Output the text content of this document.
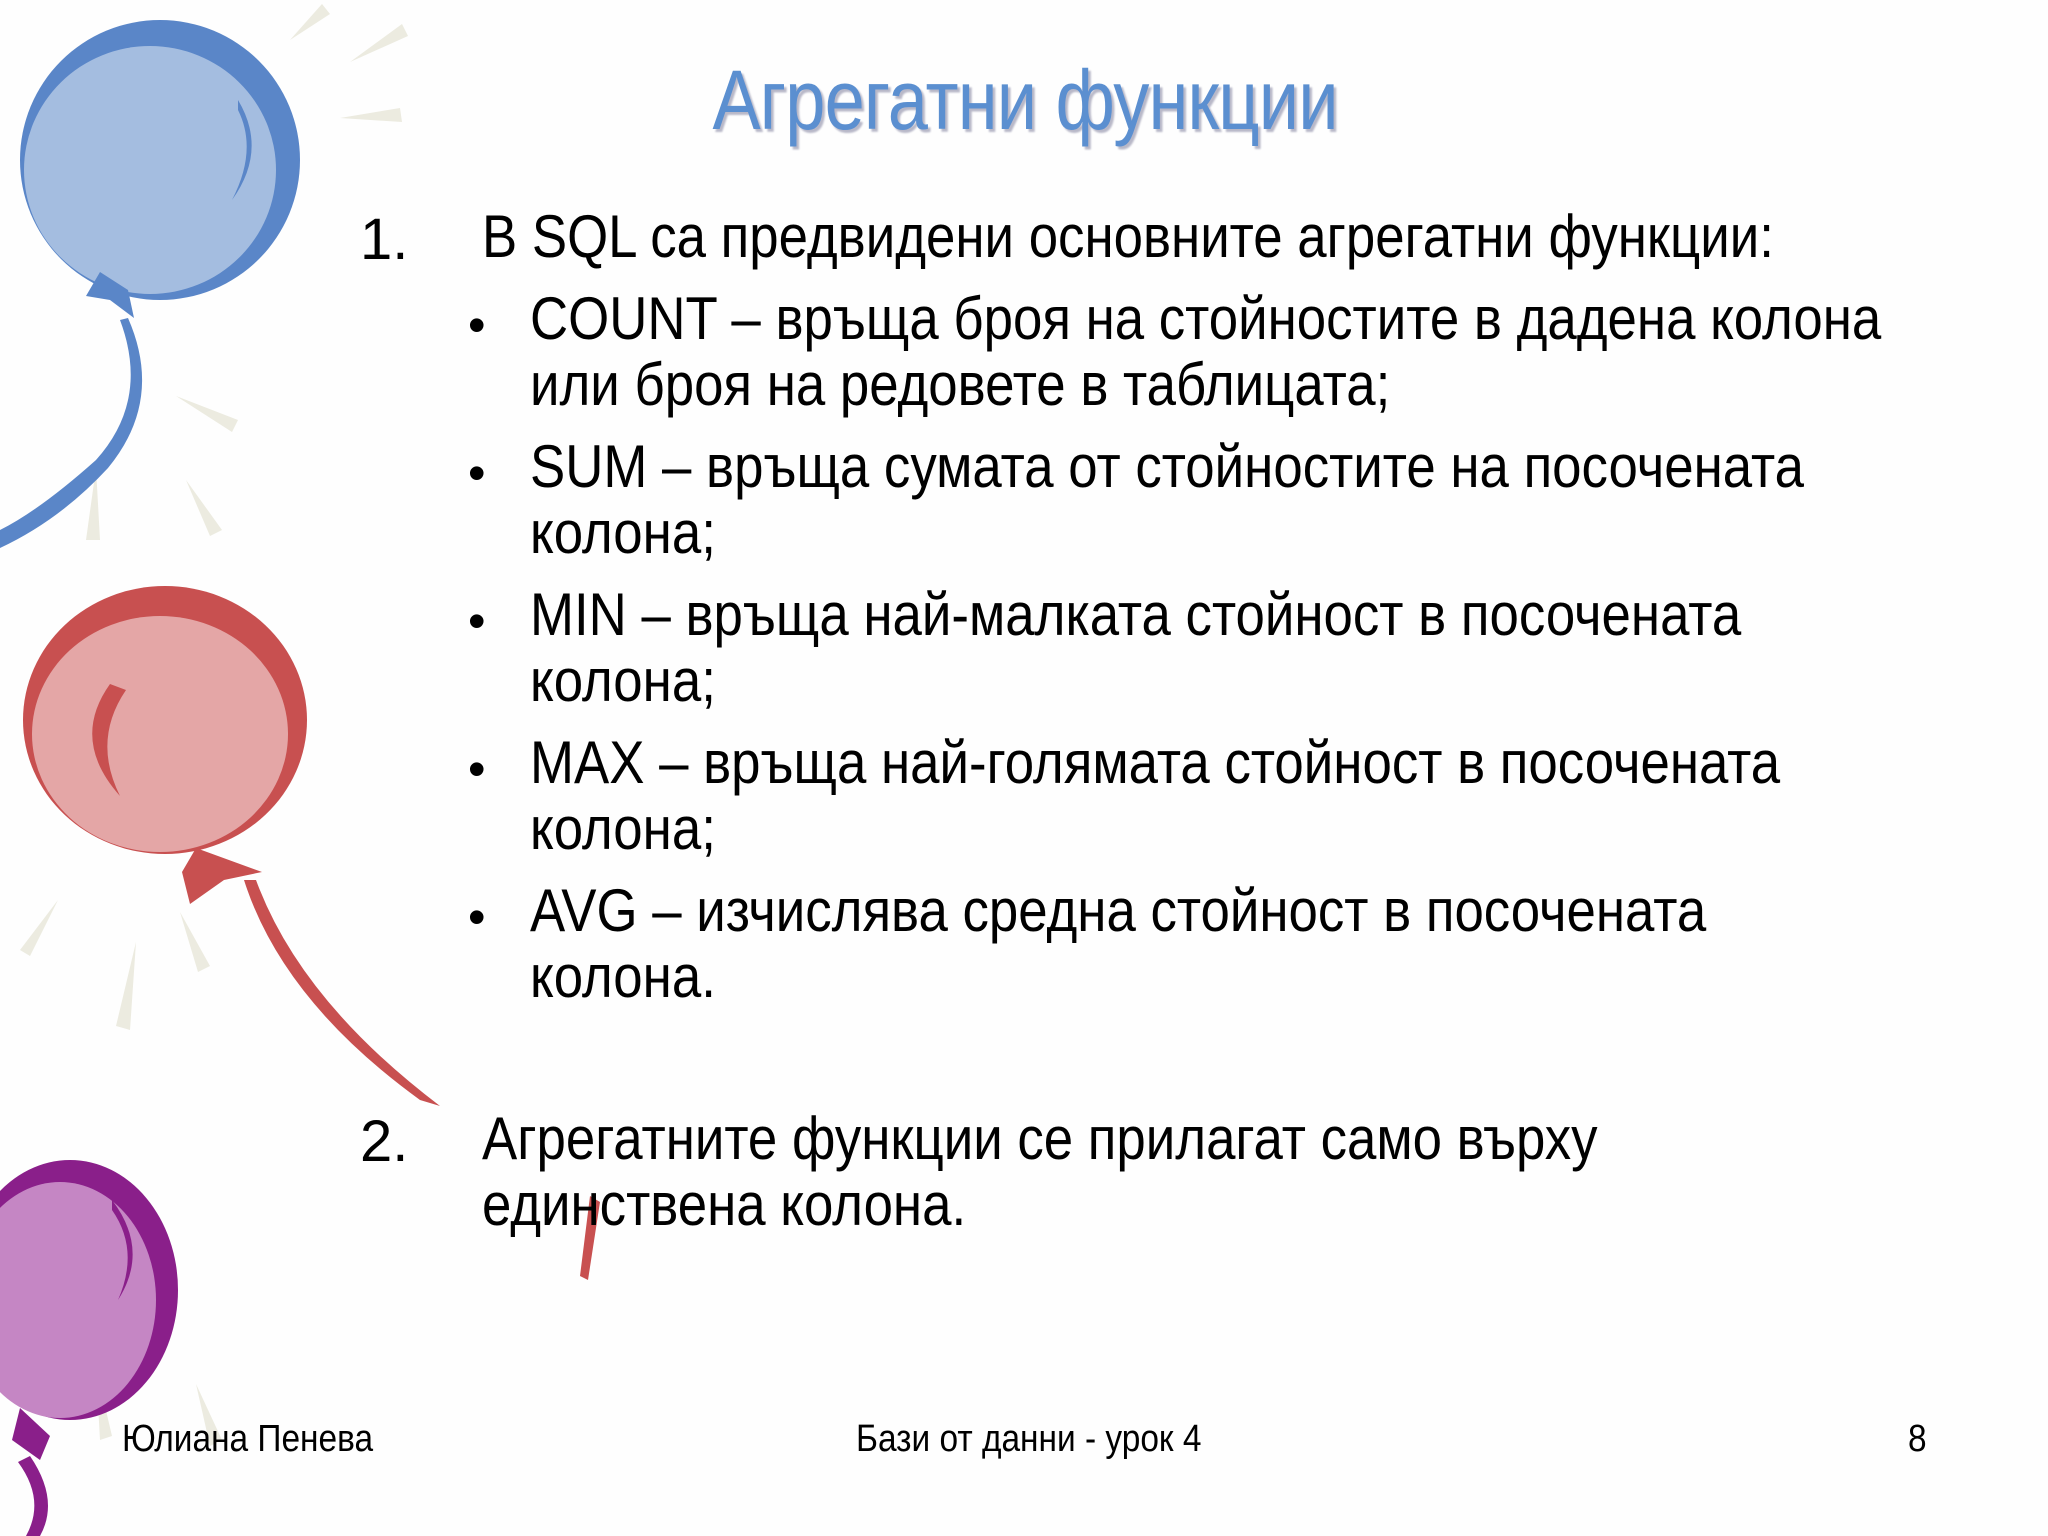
Агрегатни функции
1. В SQL са предвидени основните агрегатни функции:
• COUNT – връща броя на стойностите в дадена колона
или броя на редовете в таблицата;
• SUM – връща сумата от стойностите на посочената
колона;
• MIN – връща най-малката стойност в посочената
колона;
• MAX – връща най-голямата стойност в посочената
колона;
• AVG – изчислява средна стойност в посочената
колона.
2. Агрегатните функции се прилагат само върху
единствена колона.
Юлиана Пенева	Бази от данни - урок 4	8
